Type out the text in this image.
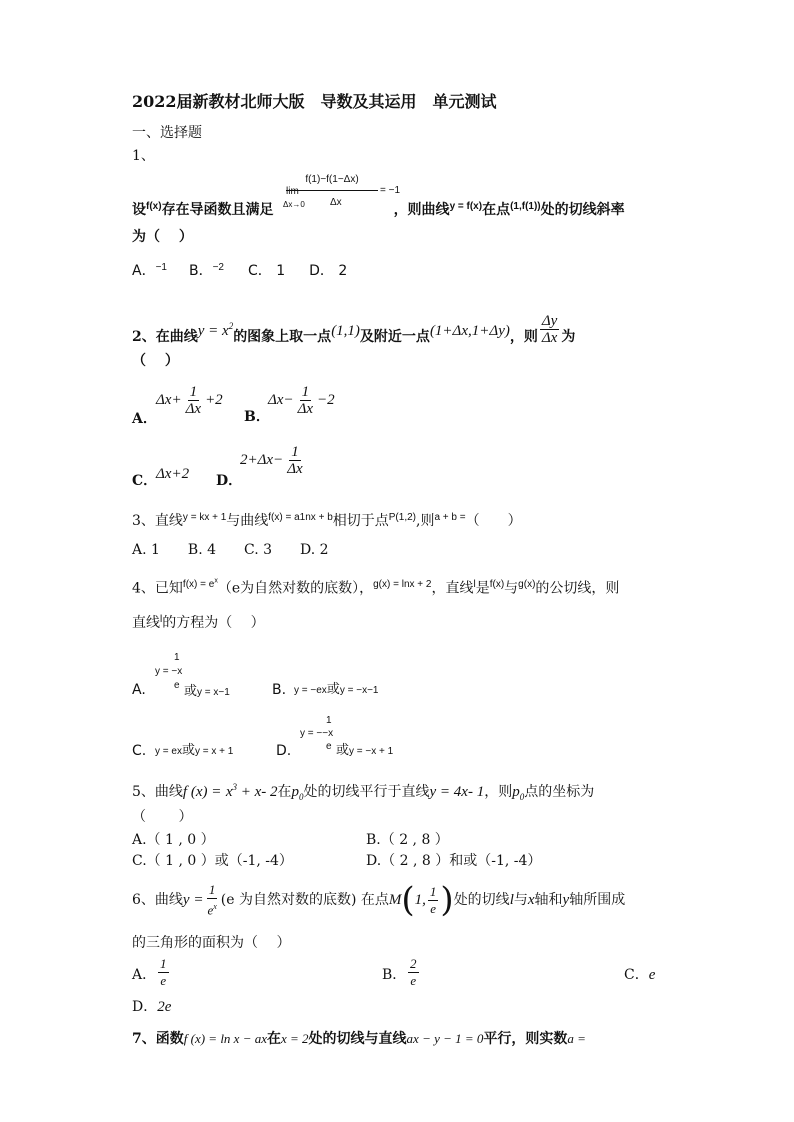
2022届新教材北师大版　导数及其运用　单元测试
一、选择题
1、
f(1)−f(1−Δx)
lim	= −1
Δx→0	Δx
设$^{f(x)}$存在导函数且满足	，则曲线$^{y = f(x)}$在点$^{(1,f(1))}$处的切线斜率
为（　 ）
A．$^{-1}$ B．$^{-2}$ C． 1 D． 2
2、在曲线$y = x^2$的图象上取一点(1,1)及附近一点(1+Δx,1+Δy)，则 $\frac{\Delta y}{\Delta x}$ 为
（　 ）
A．
$\Delta x+ \frac{1}{\Delta x} +2$
B．
$\Delta x- \frac{1}{\Delta x} -2$
C．
Δx+2 D．
$2+\Delta x- \frac{1}{\Delta x}$
3、直线$^{y = kx + 1}$与曲线$^{f(x) = a1nx + b}$相切于点$^{P(1,2)}$,则$^{a + b =}$（　　）
A. 1　　B. 4　　C. 3　　D. 2
4、已知$^{f(x) = e^x}$（e为自然对数的底数），$^{g(x) = lnx + 2}$，直线$^l$是$^{f(x)}$与$^{g(x)}$的公切线，则
直线$^l$的方程为（　 ）
A.
1
y = −x
e 或y = x−1	B. y = −ex或y = −x−1
C. y = ex或y = x + 1	D.
1
y = −−x
e 或y = −x + 1
5、曲线f $(x) = x^3 + x-$ 2在$p_0$处的切线平行于直线y = 4x- 1，则$p_0$点的坐标为
（　　 ）
A.（ 1 , 0 ）	B.（ 2 , 8 ）
C.（ 1 , 0 ）或（-1, -4）	D.（ 2 , 8 ）和或（-1, -4）
6、曲线$y = \frac{1}{e^x} (e$ 为自然对数的底数) 在点M(1, $\frac{1}{e}$ )处的切线l与x轴和y轴所围成
的三角形的面积为（　 ）
A． $\frac{1}{e}$	B． $\frac{2}{e}$	C．e
D．2e
7、函数f (x) = ln x − ax在x = 2处的切线与直线ax − y − 1 = 0平行，则实数a =
